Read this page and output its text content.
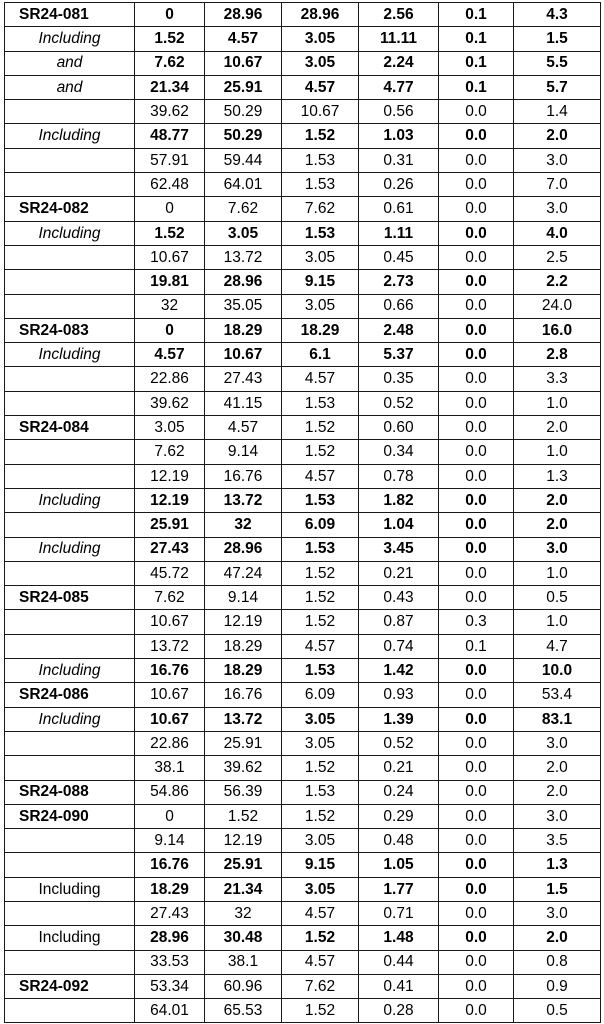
SR24-081	0	28.96	28.96	2.56	0.1	4.3
Including	1.52	4.57	3.05	11.11	0.1	1.5
and	7.62	10.67	3.05	2.24	0.1	5.5
and	21.34	25.91	4.57	4.77	0.1	5.7
	39.62	50.29	10.67	0.56	0.0	1.4
Including	48.77	50.29	1.52	1.03	0.0	2.0
	57.91	59.44	1.53	0.31	0.0	3.0
	62.48	64.01	1.53	0.26	0.0	7.0
SR24-082	0	7.62	7.62	0.61	0.0	3.0
Including	1.52	3.05	1.53	1.11	0.0	4.0
	10.67	13.72	3.05	0.45	0.0	2.5
	19.81	28.96	9.15	2.73	0.0	2.2
	32	35.05	3.05	0.66	0.0	24.0
SR24-083	0	18.29	18.29	2.48	0.0	16.0
Including	4.57	10.67	6.1	5.37	0.0	2.8
	22.86	27.43	4.57	0.35	0.0	3.3
	39.62	41.15	1.53	0.52	0.0	1.0
SR24-084	3.05	4.57	1.52	0.60	0.0	2.0
	7.62	9.14	1.52	0.34	0.0	1.0
	12.19	16.76	4.57	0.78	0.0	1.3
Including	12.19	13.72	1.53	1.82	0.0	2.0
	25.91	32	6.09	1.04	0.0	2.0
Including	27.43	28.96	1.53	3.45	0.0	3.0
	45.72	47.24	1.52	0.21	0.0	1.0
SR24-085	7.62	9.14	1.52	0.43	0.0	0.5
	10.67	12.19	1.52	0.87	0.3	1.0
	13.72	18.29	4.57	0.74	0.1	4.7
Including	16.76	18.29	1.53	1.42	0.0	10.0
SR24-086	10.67	16.76	6.09	0.93	0.0	53.4
Including	10.67	13.72	3.05	1.39	0.0	83.1
	22.86	25.91	3.05	0.52	0.0	3.0
	38.1	39.62	1.52	0.21	0.0	2.0
SR24-088	54.86	56.39	1.53	0.24	0.0	2.0
SR24-090	0	1.52	1.52	0.29	0.0	3.0
	9.14	12.19	3.05	0.48	0.0	3.5
	16.76	25.91	9.15	1.05	0.0	1.3
Including	18.29	21.34	3.05	1.77	0.0	1.5
	27.43	32	4.57	0.71	0.0	3.0
Including	28.96	30.48	1.52	1.48	0.0	2.0
	33.53	38.1	4.57	0.44	0.0	0.8
SR24-092	53.34	60.96	7.62	0.41	0.0	0.9
	64.01	65.53	1.52	0.28	0.0	0.5
